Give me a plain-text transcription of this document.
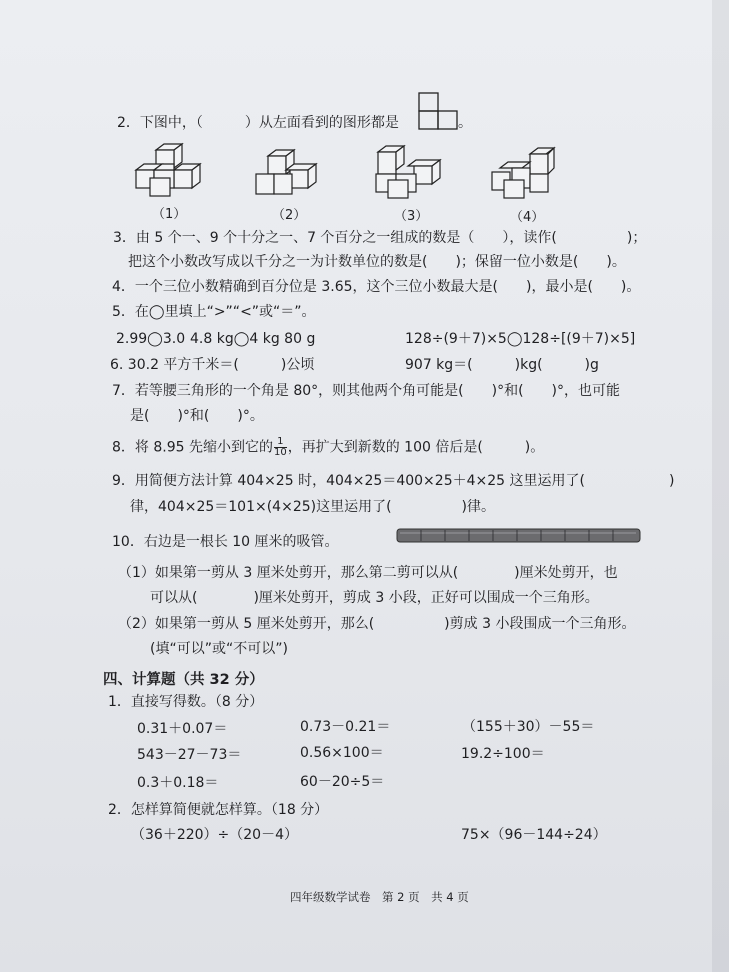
2．下图中，（	）从左面看到的图形都是	。
（1）	（2）	（3）	（4）
3．由 5 个一、9 个十分之一、7 个百分之一组成的数是（　　），读作(　　　　　)；
把这个小数改写成以千分之一为计数单位的数是(　　)；保留一位小数是(　　)。
4．一个三位小数精确到百分位是 3.65，这个三位小数最大是(　　)，最小是(　　)。
5．在◯里填上“>”“<”或“＝”。
2.99◯3.0 4.8 kg◯4 kg 80 g	128÷(9＋7)×5◯128÷[(9＋7)×5]
6. 30.2 平方千米＝(　　　)公顷	907 kg＝(　　　)kg(　　　)g
7．若等腰三角形的一个角是 80°，则其他两个角可能是(　　)°和(　　)°，也可能
是(　　)°和(　　)°。
8．将 8.95 先缩小到它的 $\frac{1}{10}$ ，再扩大到新数的 100 倍后是(　　　)。
9．用简便方法计算 404×25 时，404×25＝400×25＋4×25 这里运用了(　　　　　　)
律，404×25＝101×(4×25)这里运用了(　　　　　)律。
10．右边是一根长 10 厘米的吸管。
（1）如果第一剪从 3 厘米处剪开，那么第二剪可以从(　　　　)厘米处剪开，也
可以从(　　　　)厘米处剪开，剪成 3 小段，正好可以围成一个三角形。
（2）如果第一剪从 5 厘米处剪开，那么(　　　　　)剪成 3 小段围成一个三角形。
(填“可以”或“不可以”)
四、计算题（共 32 分）
1．直接写得数。（8 分）
0.31＋0.07＝	0.73－0.21＝	（155＋30）－55＝
543－27－73＝	0.56×100＝	19.2÷100＝
0.3＋0.18＝	60－20÷5＝
2．怎样算简便就怎样算。（18 分）
（36＋220）÷（20－4）	75×（96－144÷24）
四年级数学试卷　第 2 页　共 4 页
